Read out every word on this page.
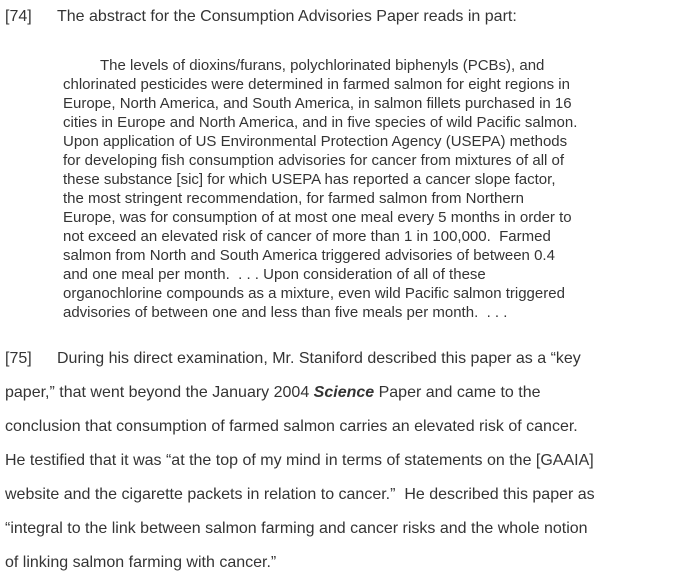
[74] The abstract for the Consumption Advisories Paper reads in part:
The levels of dioxins/furans, polychlorinated biphenyls (PCBs), and
chlorinated pesticides were determined in farmed salmon for eight regions in
Europe, North America, and South America, in salmon fillets purchased in 16
cities in Europe and North America, and in five species of wild Pacific salmon.
Upon application of US Environmental Protection Agency (USEPA) methods
for developing fish consumption advisories for cancer from mixtures of all of
these substance [sic] for which USEPA has reported a cancer slope factor,
the most stringent recommendation, for farmed salmon from Northern
Europe, was for consumption of at most one meal every 5 months in order to
not exceed an elevated risk of cancer of more than 1 in 100,000.  Farmed
salmon from North and South America triggered advisories of between 0.4
and one meal per month.  . . . Upon consideration of all of these
organochlorine compounds as a mixture, even wild Pacific salmon triggered
advisories of between one and less than five meals per month.  . . .
[75] During his direct examination, Mr. Staniford described this paper as a “key
paper,” that went beyond the January 2004 Science Paper and came to the
conclusion that consumption of farmed salmon carries an elevated risk of cancer.
He testified that it was “at the top of my mind in terms of statements on the [GAAIA]
website and the cigarette packets in relation to cancer.”  He described this paper as
“integral to the link between salmon farming and cancer risks and the whole notion
of linking salmon farming with cancer.”
